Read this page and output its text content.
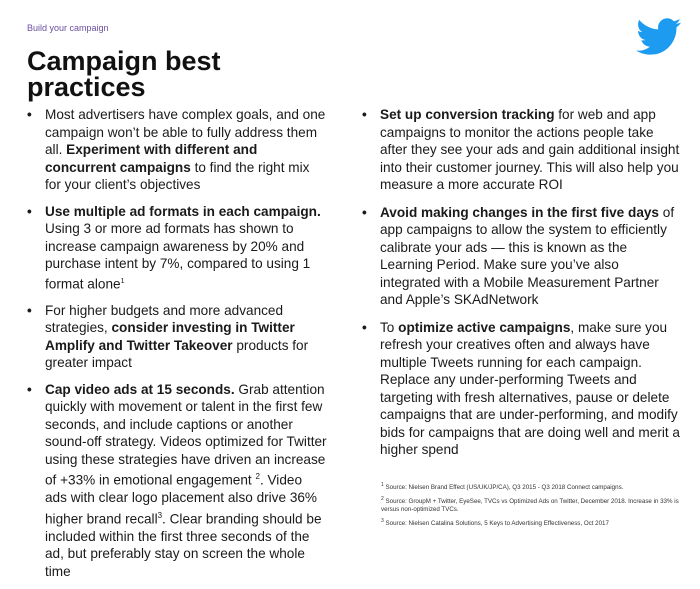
Build your campaign
Campaign best practices
• Most advertisers have complex goals, and one campaign won’t be able to fully address them all. Experiment with different and concurrent campaigns to find the right mix for your client’s objectives
• Use multiple ad formats in each campaign. Using 3 or more ad formats has shown to increase campaign awareness by 20% and purchase intent by 7%, compared to using 1 format alone$^1$
• For higher budgets and more advanced strategies, consider investing in Twitter Amplify and Twitter Takeover products for greater impact
• Cap video ads at 15 seconds. Grab attention quickly with movement or talent in the first few seconds, and include captions or another sound-off strategy. Videos optimized for Twitter using these strategies have driven an increase of +33% in emotional engagement $^2$. Video ads with clear logo placement also drive 36% higher brand recall$^3$. Clear branding should be included within the first three seconds of the ad, but preferably stay on screen the whole time
• Set up conversion tracking for web and app campaigns to monitor the actions people take after they see your ads and gain additional insight into their customer journey. This will also help you measure a more accurate ROI
• Avoid making changes in the first five days of app campaigns to allow the system to efficiently calibrate your ads — this is known as the Learning Period. Make sure you’ve also integrated with a Mobile Measurement Partner and Apple’s SKAdNetwork
• To optimize active campaigns, make sure you refresh your creatives often and always have multiple Tweets running for each campaign. Replace any under-performing Tweets and targeting with fresh alternatives, pause or delete campaigns that are under-performing, and modify bids for campaigns that are doing well and merit a higher spend
$^1$ Source: Nielsen Brand Effect (US/UK/JP/CA), Q3 2015 - Q3 2018 Connect campaigns.
$^2$ Source: GroupM + Twitter, EyeSee, TVCs vs Optimized Ads on Twitter, December 2018. Increase in 33% is versus non-optimized TVCs.
$^3$ Source: Nielsen Catalina Solutions, 5 Keys to Advertising Effectiveness, Oct 2017
